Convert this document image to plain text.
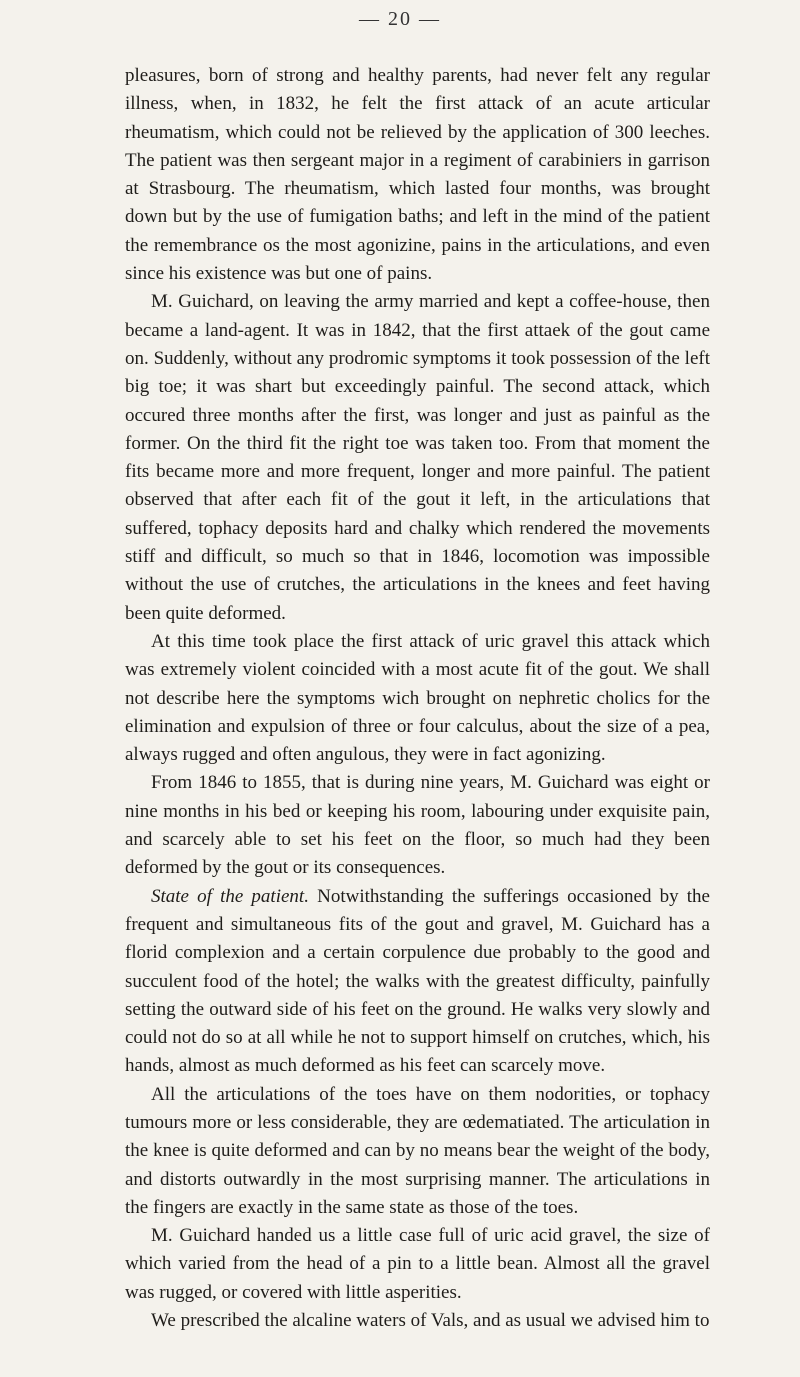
— 20 —

pleasures, born of strong and healthy parents, had never felt any regular illness, when, in 1832, he felt the first attack of an acute articular rheumatism, which could not be relieved by the application of 300 leeches. The patient was then sergeant major in a regiment of carabiniers in garrison at Strasbourg. The rheumatism, which lasted four months, was brought down but by the use of fumigation baths; and left in the mind of the patient the remembrance os the most agonizine, pains in the articulations, and even since his existence was but one of pains.

M. Guichard, on leaving the army married and kept a coffee-house, then became a land-agent. It was in 1842, that the first attaek of the gout came on. Suddenly, without any prodromic symptoms it took possession of the left big toe; it was shart but exceedingly painful. The second attack, which occured three months after the first, was longer and just as painful as the former. On the third fit the right toe was taken too. From that moment the fits became more and more frequent, longer and more painful. The patient observed that after each fit of the gout it left, in the articulations that suffered, tophacy deposits hard and chalky which rendered the movements stiff and difficult, so much so that in 1846, locomotion was impossible without the use of crutches, the articulations in the knees and feet having been quite deformed.

At this time took place the first attack of uric gravel this attack which was extremely violent coincided with a most acute fit of the gout. We shall not describe here the symptoms wich brought on nephretic cholics for the elimination and expulsion of three or four calculus, about the size of a pea, always rugged and often angulous, they were in fact agonizing.

From 1846 to 1855, that is during nine years, M. Guichard was eight or nine months in his bed or keeping his room, labouring under exquisite pain, and scarcely able to set his feet on the floor, so much had they been deformed by the gout or its consequences.

State of the patient. Notwithstanding the sufferings occasioned by the frequent and simultaneous fits of the gout and gravel, M. Guichard has a florid complexion and a certain corpulence due probably to the good and succulent food of the hotel; the walks with the greatest difficulty, painfully setting the outward side of his feet on the ground. He walks very slowly and could not do so at all while he not to support himself on crutches, which, his hands, almost as much deformed as his feet can scarcely move.

All the articulations of the toes have on them nodorities, or tophacy tumours more or less considerable, they are œdematiated. The articulation in the knee is quite deformed and can by no means bear the weight of the body, and distorts outwardly in the most surprising manner. The articulations in the fingers are exactly in the same state as those of the toes.

M. Guichard handed us a little case full of uric acid gravel, the size of which varied from the head of a pin to a little bean. Almost all the gravel was rugged, or covered with little asperities.

We prescribed the alcaline waters of Vals, and as usual we advised him to
